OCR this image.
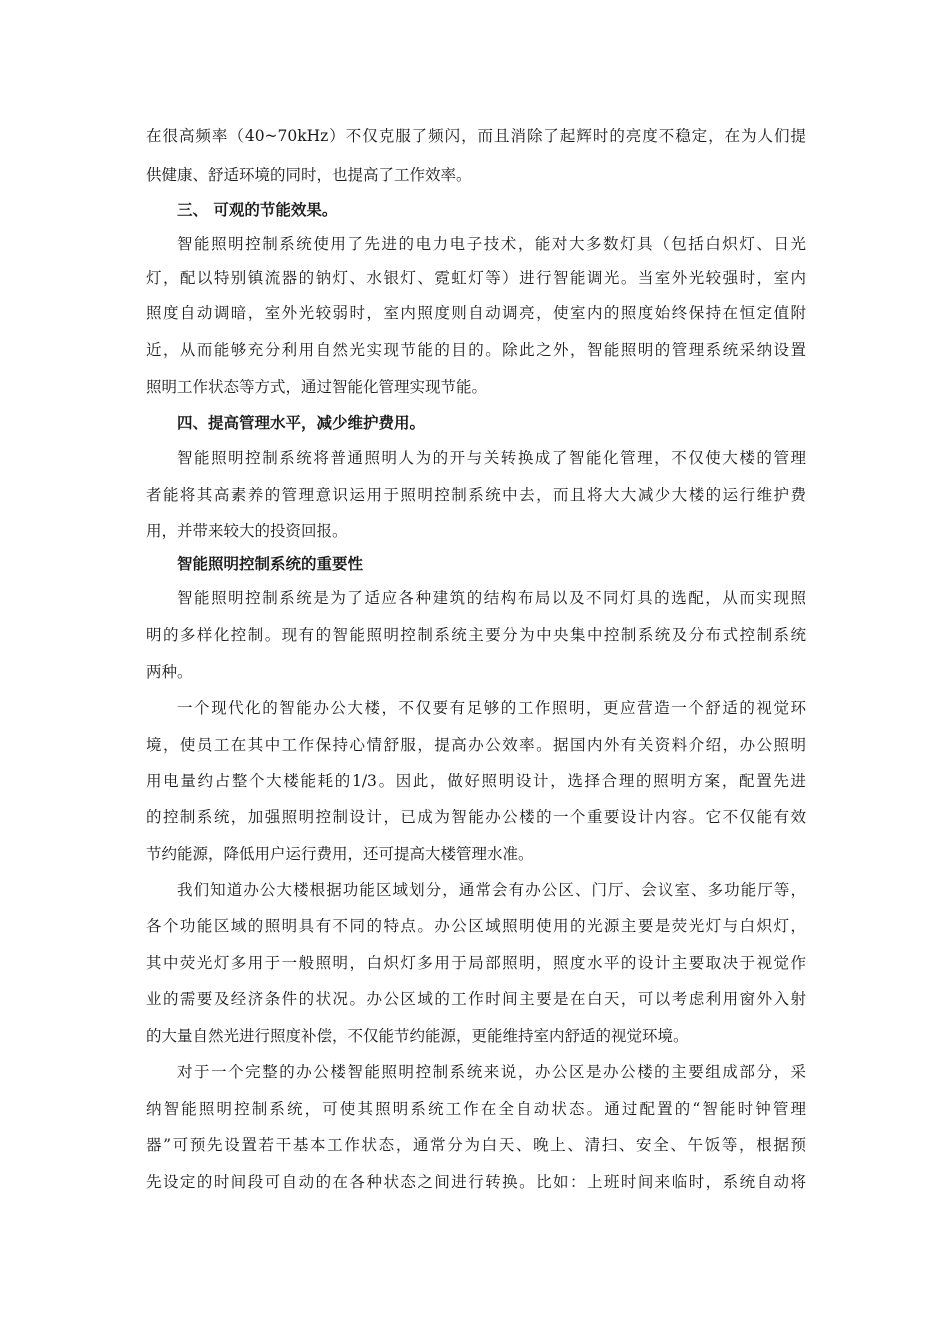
在很高频率（40~70kHz）不仅克服了频闪，而且消除了起辉时的亮度不稳定，在为人们提
供健康、舒适环境的同时，也提高了工作效率。
三、 可观的节能效果。
智能照明控制系统使用了先进的电力电子技术，能对大多数灯具（包括白炽灯、日光
灯，配以特别镇流器的钠灯、水银灯、霓虹灯等）进行智能调光。当室外光较强时，室内
照度自动调暗，室外光较弱时，室内照度则自动调亮，使室内的照度始终保持在恒定值附
近，从而能够充分利用自然光实现节能的目的。除此之外，智能照明的管理系统采纳设置
照明工作状态等方式，通过智能化管理实现节能。
四、提高管理水平，减少维护费用。
智能照明控制系统将普通照明人为的开与关转换成了智能化管理，不仅使大楼的管理
者能将其高素养的管理意识运用于照明控制系统中去，而且将大大减少大楼的运行维护费
用，并带来较大的投资回报。
智能照明控制系统的重要性
智能照明控制系统是为了适应各种建筑的结构布局以及不同灯具的选配，从而实现照
明的多样化控制。现有的智能照明控制系统主要分为中央集中控制系统及分布式控制系统
两种。
一个现代化的智能办公大楼，不仅要有足够的工作照明，更应营造一个舒适的视觉环
境，使员工在其中工作保持心情舒服，提高办公效率。据国内外有关资料介绍，办公照明
用电量约占整个大楼能耗的1/3。因此，做好照明设计，选择合理的照明方案，配置先进
的控制系统，加强照明控制设计，已成为智能办公楼的一个重要设计内容。它不仅能有效
节约能源，降低用户运行费用，还可提高大楼管理水准。
我们知道办公大楼根据功能区域划分，通常会有办公区、门厅、会议室、多功能厅等，
各个功能区域的照明具有不同的特点。办公区域照明使用的光源主要是荧光灯与白炽灯，
其中荧光灯多用于一般照明，白炽灯多用于局部照明，照度水平的设计主要取决于视觉作
业的需要及经济条件的状况。办公区域的工作时间主要是在白天，可以考虑利用窗外入射
的大量自然光进行照度补偿，不仅能节约能源，更能维持室内舒适的视觉环境。
对于一个完整的办公楼智能照明控制系统来说，办公区是办公楼的主要组成部分，采
纳智能照明控制系统，可使其照明系统工作在全自动状态。通过配置的“智能时钟管理
器”可预先设置若干基本工作状态，通常分为白天、晚上、清扫、安全、午饭等，根据预
先设定的时间段可自动的在各种状态之间进行转换。比如：上班时间来临时，系统自动将
